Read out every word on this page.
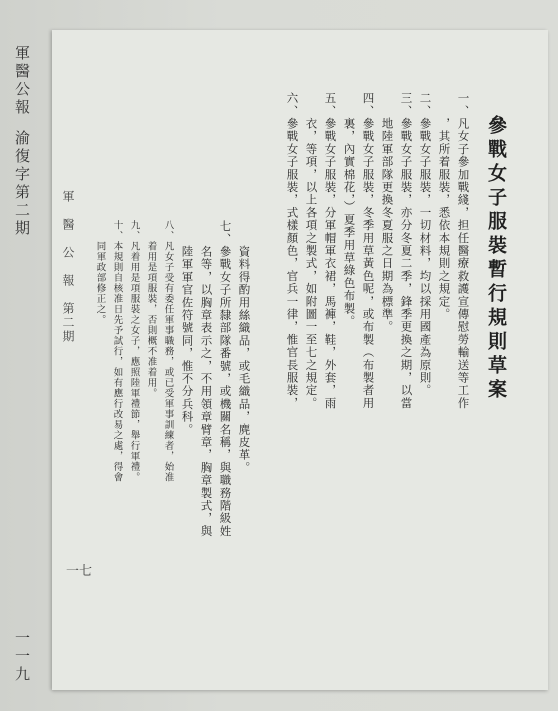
軍醫公報
渝復字第二期
一一九
軍　醫　公　報　第二期
一七
參戰女子服裝暫行規則草案
一、凡女子參加戰綫，担任醫療救護宣傳慰勞輸送等工作
　　，其所着服裝，悉依本規則之規定。
二、參戰女子服裝，一切材料，均以採用國產為原則。
三、參戰女子服裝，亦分冬夏二季，鋒季更換之期，以當
　　地陸軍部隊更換冬夏服之日期為標準。
四、參戰女子服裝，冬季用草黃色呢，或布製（布製者用
　　裏，內實棉花，）夏季用草綠色布製。
五、參戰女子服裝，分軍帽軍衣裙，馬褲，鞋，外套，雨
　　衣，等項，以上各項之製式，如附圖一至七之規定。
六、參戰女子服裝，式樣顏色，官兵一律，惟官長服裝，
　　資料得酌用絲織品，或毛織品，麂皮革。
七、參戰女子所隸部隊番號，或機關名稱，與職務階級姓
　　名等，以胸章表示之，不用領章臂章，胸章製式，與
　　陸軍軍官佐符號同，惟不分兵科。
八、凡女子受有委任軍事職務，或已受軍事訓練者，始准
　　着用是項服裝，否則概不准着用。
九、凡着用是項服裝之女子，應照陸軍禮節，舉行軍禮。
十、本規則自核准日先予試行，如有應行改易之處，得會
　　同軍政部修正之。
